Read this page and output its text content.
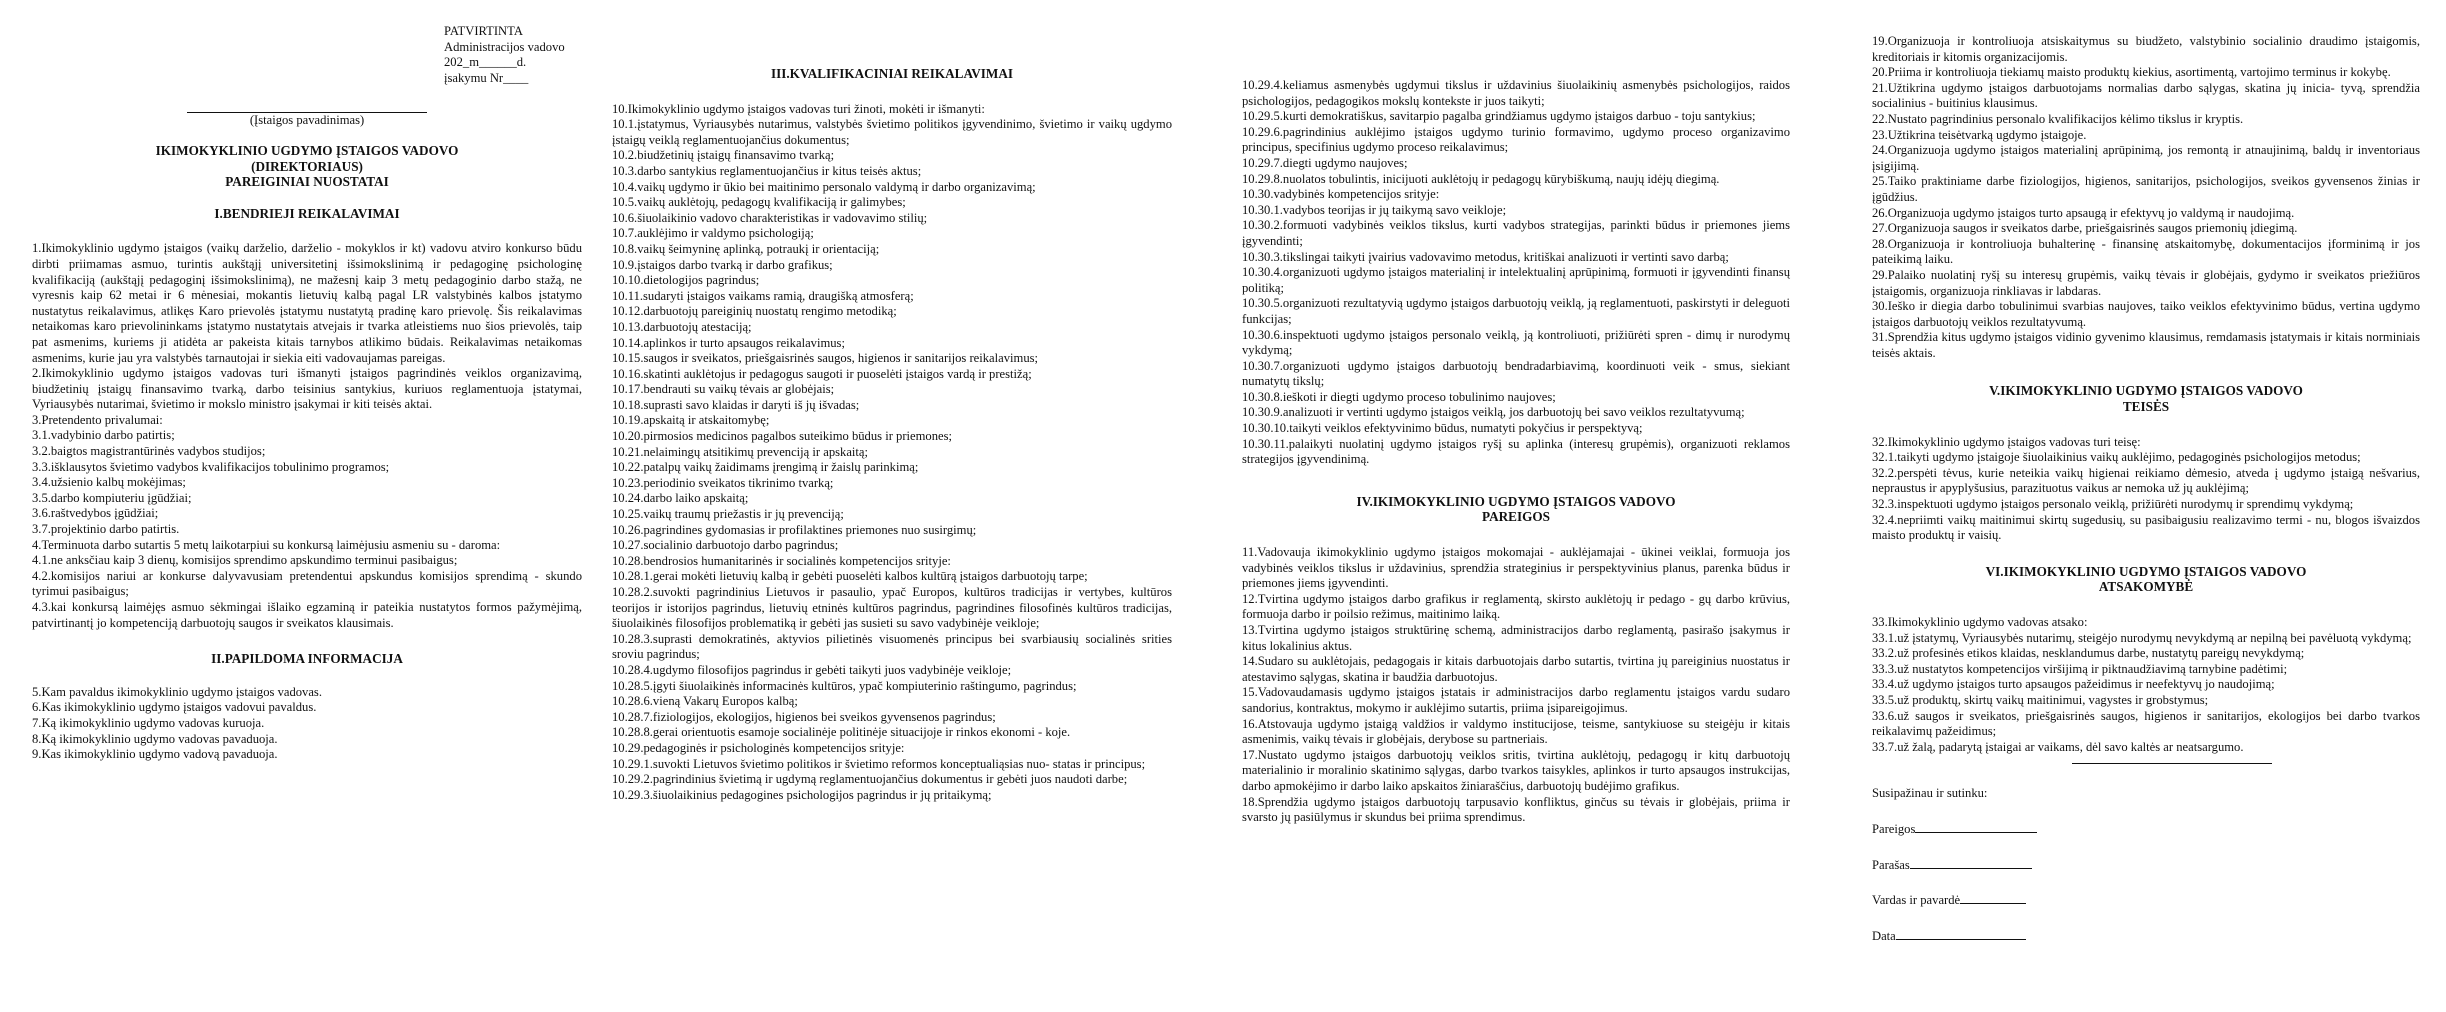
PATVIRTINTA
Administracijos vadovo
202_m______d.
įsakymu Nr____
(Įstaigos pavadinimas)
IKIMOKYKLINIO UGDYMO ĮSTAIGOS VADOVO
(DIREKTORIAUS)
PAREIGINIAI NUOSTATAI
I.BENDRIEJI REIKALAVIMAI

1.Ikimokyklinio ugdymo įstaigos (vaikų darželio, darželio - mokyklos ir kt) vadovu atviro konkurso būdu dirbti priimamas asmuo, turintis aukštąjį universitetinį išsimokslinimą ir pedagoginę psichologinę kvalifikaciją (aukštąjį pedagoginį išsimokslinimą), ne mažesnį kaip 3 metų pedagoginio darbo stažą, ne vyresnis kaip 62 metai ir 6 mėnesiai, mokantis lietuvių kalbą pagal LR valstybinės kalbos įstatymo nustatytus reikalavimus, atlikęs Karo prievolės įstatymu nustatytą pradinę karo prievolę. Šis reikalavimas netaikomas karo prievolininkams įstatymo nustatytais atvejais ir tvarka atleistiems nuo šios prievolės, taip pat asmenims, kuriems ji atidėta ar pakeista kitais tarnybos atlikimo būdais. Reikalavimas netaikomas asmenims, kurie jau yra valstybės tarnautojai ir siekia eiti vadovaujamas pareigas.

2.Ikimokyklinio ugdymo įstaigos vadovas turi išmanyti įstaigos pagrindinės veiklos organizavimą, biudžetinių įstaigų finansavimo tvarką, darbo teisinius santykius, kuriuos reglamentuoja įstatymai, Vyriausybės nutarimai, švietimo ir mokslo ministro įsakymai ir kiti teisės aktai.

3.Pretendento privalumai:

3.1.vadybinio darbo patirtis;

3.2.baigtos magistrantūrinės vadybos studijos;

3.3.išklausytos švietimo vadybos kvalifikacijos tobulinimo programos;

3.4.užsienio kalbų mokėjimas;

3.5.darbo kompiuteriu įgūdžiai;

3.6.raštvedybos įgūdžiai;

3.7.projektinio darbo patirtis.

4.Terminuota darbo sutartis 5 metų laikotarpiui su konkursą laimėjusiu asmeniu su - daroma:

4.1.ne anksčiau kaip 3 dienų, komisijos sprendimo apskundimo terminui pasibaigus;

4.2.komisijos nariui ar konkurse dalyvavusiam pretendentui apskundus komisijos sprendimą - skundo tyrimui pasibaigus;

4.3.kai konkursą laimėjęs asmuo sėkmingai išlaiko egzaminą ir pateikia nustatytos formos pažymėjimą, patvirtinantį jo kompetenciją darbuotojų saugos ir sveikatos klausimais.

II.PAPILDOMA INFORMACIJA

5.Kam pavaldus ikimokyklinio ugdymo įstaigos vadovas.

6.Kas ikimokyklinio ugdymo įstaigos vadovui pavaldus.

7.Ką ikimokyklinio ugdymo vadovas kuruoja.

8.Ką ikimokyklinio ugdymo vadovas pavaduoja.

9.Kas ikimokyklinio ugdymo vadovą pavaduoja.

III.KVALIFIKACINIAI REIKALAVIMAI

10.Ikimokyklinio ugdymo įstaigos vadovas turi žinoti, mokėti ir išmanyti:

10.1.įstatymus, Vyriausybės nutarimus, valstybės švietimo politikos įgyvendinimo, švietimo ir vaikų ugdymo įstaigų veiklą reglamentuojančius dokumentus;

10.2.biudžetinių įstaigų finansavimo tvarką;

10.3.darbo santykius reglamentuojančius ir kitus teisės aktus;

10.4.vaikų ugdymo ir ūkio bei maitinimo personalo valdymą ir darbo organizavimą;

10.5.vaikų auklėtojų, pedagogų kvalifikaciją ir galimybes;

10.6.šiuolaikinio vadovo charakteristikas ir vadovavimo stilių;

10.7.auklėjimo ir valdymo psichologiją;

10.8.vaikų šeimyninę aplinką, potraukį ir orientaciją;

10.9.įstaigos darbo tvarką ir darbo grafikus;

10.10.dietologijos pagrindus;

10.11.sudaryti įstaigos vaikams ramią, draugišką atmosferą;

10.12.darbuotojų pareiginių nuostatų rengimo metodiką;

10.13.darbuotojų atestaciją;

10.14.aplinkos ir turto apsaugos reikalavimus;

10.15.saugos ir sveikatos, priešgaisrinės saugos, higienos ir sanitarijos reikalavimus;

10.16.skatinti auklėtojus ir pedagogus saugoti ir puoselėti įstaigos vardą ir prestižą;

10.17.bendrauti su vaikų tėvais ar globėjais;

10.18.suprasti savo klaidas ir daryti iš jų išvadas;

10.19.apskaitą ir atskaitomybę;

10.20.pirmosios medicinos pagalbos suteikimo būdus ir priemones;

10.21.nelaimingų atsitikimų prevenciją ir apskaitą;

10.22.patalpų vaikų žaidimams įrengimą ir žaislų parinkimą;

10.23.periodinio sveikatos tikrinimo tvarką;

10.24.darbo laiko apskaitą;

10.25.vaikų traumų priežastis ir jų prevenciją;

10.26.pagrindines gydomasias ir profilaktines priemones nuo susirgimų;

10.27.socialinio darbuotojo darbo pagrindus;

10.28.bendrosios humanitarinės ir socialinės kompetencijos srityje:

10.28.1.gerai mokėti lietuvių kalbą ir gebėti puoselėti kalbos kultūrą įstaigos darbuotojų tarpe;

10.28.2.suvokti pagrindinius Lietuvos ir pasaulio, ypač Europos, kultūros tradicijas ir vertybes, kultūros teorijos ir istorijos pagrindus, lietuvių etninės kultūros pagrindus, pagrindines filosofinės kultūros tradicijas, šiuolaikinės filosofijos problematiką ir gebėti jas susieti su savo vadybinėje veikloje;

10.28.3.suprasti demokratinės, aktyvios pilietinės visuomenės principus bei svarbiausių socialinės srities sroviu pagrindus;

10.28.4.ugdymo filosofijos pagrindus ir gebėti taikyti juos vadybinėje veikloje;

10.28.5.įgyti šiuolaikinės informacinės kultūros, ypač kompiuterinio raštingumo, pagrindus;

10.28.6.vieną Vakarų Europos kalbą;

10.28.7.fiziologijos, ekologijos, higienos bei sveikos gyvensenos pagrindus;

10.28.8.gerai orientuotis esamoje socialinėje politinėje situacijoje ir rinkos ekonomi - koje.

10.29.pedagoginės ir psichologinės kompetencijos srityje:

10.29.1.suvokti Lietuvos švietimo politikos ir švietimo reformos konceptualiąsias nuo- statas ir principus;

10.29.2.pagrindinius švietimą ir ugdymą reglamentuojančius dokumentus ir gebėti juos naudoti darbe;

10.29.3.šiuolaikinius pedagogines psichologijos pagrindus ir jų pritaikymą;

10.29.4.keliamus asmenybės ugdymui tikslus ir uždavinius šiuolaikinių asmenybės psichologijos, raidos psichologijos, pedagogikos mokslų kontekste ir juos taikyti;

10.29.5.kurti demokratiškus, savitarpio pagalba grindžiamus ugdymo įstaigos darbuo - toju santykius;

10.29.6.pagrindinius auklėjimo įstaigos ugdymo turinio formavimo, ugdymo proceso organizavimo principus, specifinius ugdymo proceso reikalavimus;

10.29.7.diegti ugdymo naujoves;

10.29.8.nuolatos tobulintis, inicijuoti auklėtojų ir pedagogų kūrybiškumą, naujų idėjų diegimą.

10.30.vadybinės kompetencijos srityje:

10.30.1.vadybos teorijas ir jų taikymą savo veikloje;

10.30.2.formuoti vadybinės veiklos tikslus, kurti vadybos strategijas, parinkti būdus ir priemones jiems įgyvendinti;

10.30.3.tikslingai taikyti įvairius vadovavimo metodus, kritiškai analizuoti ir vertinti savo darbą;

10.30.4.organizuoti ugdymo įstaigos materialinį ir intelektualinį aprūpinimą, formuoti ir įgyvendinti finansų politiką;

10.30.5.organizuoti rezultatyvią ugdymo įstaigos darbuotojų veiklą, ją reglamentuoti, paskirstyti ir deleguoti funkcijas;

10.30.6.inspektuoti ugdymo įstaigos personalo veiklą, ją kontroliuoti, prižiūrėti spren - dimų ir nurodymų vykdymą;

10.30.7.organizuoti ugdymo įstaigos darbuotojų bendradarbiavimą, koordinuoti veik - smus, siekiant numatytų tikslų;

10.30.8.ieškoti ir diegti ugdymo proceso tobulinimo naujoves;

10.30.9.analizuoti ir vertinti ugdymo įstaigos veiklą, jos darbuotojų bei savo veiklos rezultatyvumą;

10.30.10.taikyti veiklos efektyvinimo būdus, numatyti pokyčius ir perspektyvą;

10.30.11.palaikyti nuolatinį ugdymo įstaigos ryšį su aplinka (interesų grupėmis), organizuoti reklamos strategijos įgyvendinimą.

IV.IKIMOKYKLINIO UGDYMO ĮSTAIGOS VADOVO
PAREIGOS

11.Vadovauja ikimokyklinio ugdymo įstaigos mokomajai - auklėjamajai - ūkinei veiklai, formuoja jos vadybinės veiklos tikslus ir uždavinius, sprendžia strateginius ir perspektyvinius planus, parenka būdus ir priemones jiems įgyvendinti.

12.Tvirtina ugdymo įstaigos darbo grafikus ir reglamentą, skirsto auklėtojų ir pedago - gų darbo krūvius, formuoja darbo ir poilsio režimus, maitinimo laiką.

13.Tvirtina ugdymo įstaigos struktūrinę schemą, administracijos darbo reglamentą, pasirašo įsakymus ir kitus lokalinius aktus.

14.Sudaro su auklėtojais, pedagogais ir kitais darbuotojais darbo sutartis, tvirtina jų pareiginius nuostatus ir atestavimo sąlygas, skatina ir baudžia darbuotojus.

15.Vadovaudamasis ugdymo įstaigos įstatais ir administracijos darbo reglamentu įstaigos vardu sudaro sandorius, kontraktus, mokymo ir auklėjimo sutartis, priima įsipareigojimus.

16.Atstovauja ugdymo įstaigą valdžios ir valdymo institucijose, teisme, santykiuose su steigėju ir kitais asmenimis, vaikų tėvais ir globėjais, derybose su partneriais.

17.Nustato ugdymo įstaigos darbuotojų veiklos sritis, tvirtina auklėtojų, pedagogų ir kitų darbuotojų materialinio ir moralinio skatinimo sąlygas, darbo tvarkos taisykles, aplinkos ir turto apsaugos instrukcijas, darbo apmokėjimo ir darbo laiko apskaitos žiniaraščius, darbuotojų budėjimo grafikus.

18.Sprendžia ugdymo įstaigos darbuotojų tarpusavio konfliktus, ginčus su tėvais ir globėjais, priima ir svarsto jų pasiūlymus ir skundus bei priima sprendimus.

19.Organizuoja ir kontroliuoja atsiskaitymus su biudžeto, valstybinio socialinio draudimo įstaigomis, kreditoriais ir kitomis organizacijomis.

20.Priima ir kontroliuoja tiekiamų maisto produktų kiekius, asortimentą, vartojimo terminus ir kokybę.

21.Užtikrina ugdymo įstaigos darbuotojams normalias darbo sąlygas, skatina jų inicia- tyvą, sprendžia socialinius - buitinius klausimus.

22.Nustato pagrindinius personalo kvalifikacijos kėlimo tikslus ir kryptis.

23.Užtikrina teisėtvarką ugdymo įstaigoje.

24.Organizuoja ugdymo įstaigos materialinį aprūpinimą, jos remontą ir atnaujinimą, baldų ir inventoriaus įsigijimą.

25.Taiko praktiniame darbe fiziologijos, higienos, sanitarijos, psichologijos, sveikos gyvensenos žinias ir įgūdžius.

26.Organizuoja ugdymo įstaigos turto apsaugą ir efektyvų jo valdymą ir naudojimą.

27.Organizuoja saugos ir sveikatos darbe, priešgaisrinės saugos priemonių įdiegimą.

28.Organizuoja ir kontroliuoja buhalterinę - finansinę atskaitomybę, dokumentacijos įforminimą ir jos pateikimą laiku.

29.Palaiko nuolatinį ryšį su interesų grupėmis, vaikų tėvais ir globėjais, gydymo ir sveikatos priežiūros įstaigomis, organizuoja rinkliavas ir labdaras.

30.Ieško ir diegia darbo tobulinimui svarbias naujoves, taiko veiklos efektyvinimo būdus, vertina ugdymo įstaigos darbuotojų veiklos rezultatyvumą.

31.Sprendžia kitus ugdymo įstaigos vidinio gyvenimo klausimus, remdamasis įstatymais ir kitais norminiais teisės aktais.

V.IKIMOKYKLINIO UGDYMO ĮSTAIGOS VADOVO
TEISĖS

32.Ikimokyklinio ugdymo įstaigos vadovas turi teisę:

32.1.taikyti ugdymo įstaigoje šiuolaikinius vaikų auklėjimo, pedagoginės psichologijos metodus;

32.2.perspėti tėvus, kurie neteikia vaikų higienai reikiamo dėmesio, atveda į ugdymo įstaigą nešvarius, nepraustus ir apyplyšusius, parazituotus vaikus ar nemoka už jų auklėjimą;

32.3.inspektuoti ugdymo įstaigos personalo veiklą, prižiūrėti nurodymų ir sprendimų vykdymą;

32.4.nepriimti vaikų maitinimui skirtų sugedusių, su pasibaigusiu realizavimo termi - nu, blogos išvaizdos maisto produktų ir vaisių.

VI.IKIMOKYKLINIO UGDYMO ĮSTAIGOS VADOVO
ATSAKOMYBĖ

33.Ikimokyklinio ugdymo vadovas atsako:

33.1.už įstatymų, Vyriausybės nutarimų, steigėjo nurodymų nevykdymą ar nepilną bei pavėluotą vykdymą;

33.2.už profesinės etikos klaidas, nesklandumus darbe, nustatytų pareigų nevykdymą;

33.3.už nustatytos kompetencijos viršijimą ir piktnaudžiavimą tarnybine padėtimi;

33.4.už ugdymo įstaigos turto apsaugos pažeidimus ir neefektyvų jo naudojimą;

33.5.už produktų, skirtų vaikų maitinimui, vagystes ir grobstymus;

33.6.už saugos ir sveikatos, priešgaisrinės saugos, higienos ir sanitarijos, ekologijos bei darbo tvarkos reikalavimų pažeidimus;

33.7.už žalą, padarytą įstaigai ar vaikams, dėl savo kaltės ar neatsargumo.

Susipažinau ir sutinku:
Pareigos
Parašas
Vardas ir pavardė
Data
